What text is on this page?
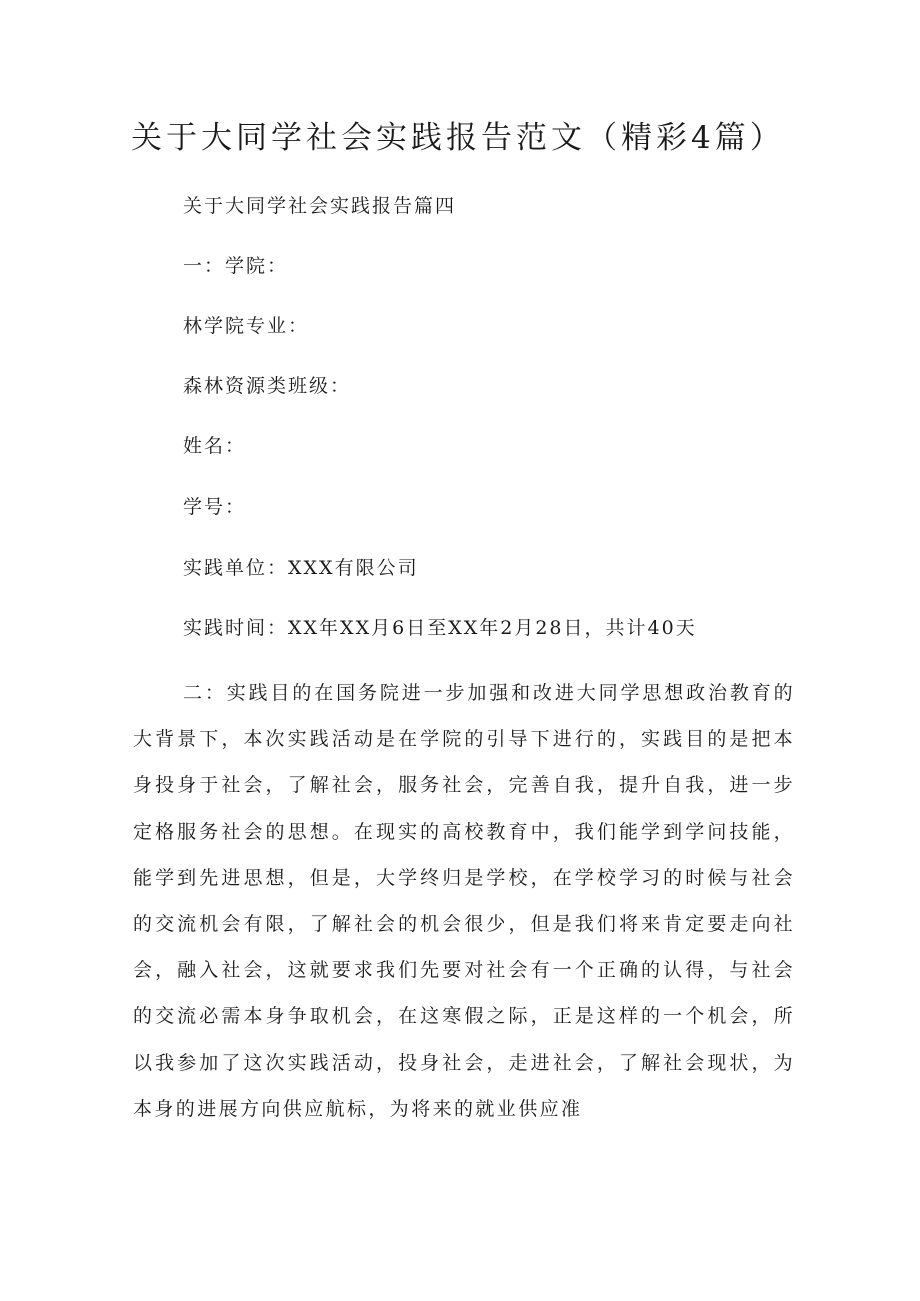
关于大同学社会实践报告范文（精彩4篇）

关于大同学社会实践报告篇四

一：学院：

林学院专业：

森林资源类班级：

姓名：

学号：

实践单位：XXX有限公司

实践时间：XX年XX月6日至XX年2月28日，共计40天

二：实践目的在国务院进一步加强和改进大同学思想政治教育的大背景下，本次实践活动是在学院的引导下进行的，实践目的是把本身投身于社会，了解社会，服务社会，完善自我，提升自我，进一步定格服务社会的思想。在现实的高校教育中，我们能学到学问技能，能学到先进思想，但是，大学终归是学校，在学校学习的时候与社会的交流机会有限，了解社会的机会很少，但是我们将来肯定要走向社会，融入社会，这就要求我们先要对社会有一个正确的认得，与社会的交流必需本身争取机会，在这寒假之际，正是这样的一个机会，所以我参加了这次实践活动，投身社会，走进社会，了解社会现状，为本身的进展方向供应航标，为将来的就业供应准
